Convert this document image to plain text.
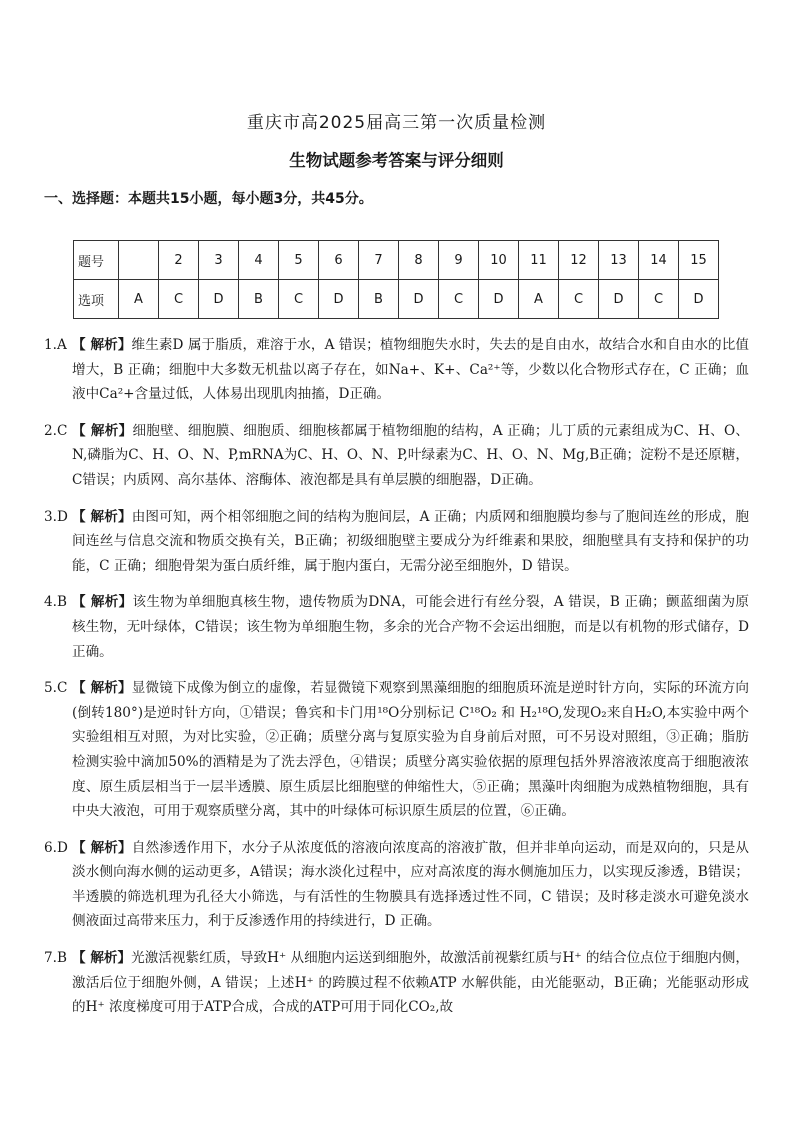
重庆市高2025届高三第一次质量检测
生物试题参考答案与评分细则
一、选择题：本题共15小题，每小题3分，共45分。
题号		2	3	4	5	6	7	8	9	10	11	12	13	14	15
选项	A	C	D	B	C	D	B	D	C	D	A	C	D	C	D
1.A 【 解析】维生素D 属于脂质，难溶于水，A 错误；植物细胞失水时，失去的是自由水，故结合水和自由水的比值增大，B 正确；细胞中大多数无机盐以离子存在，如Na+、K+、Ca²⁺等，少数以化合物形式存在，C 正确；血液中Ca²+含量过低，人体易出现肌肉抽搐，D正确。
2.C 【 解析】细胞壁、细胞膜、细胞质、细胞核都属于植物细胞的结构，A 正确；儿丁质的元素组成为C、H、O、N,磷脂为C、H、O、N、P,mRNA为C、H、O、N、P,叶绿素为C、H、O、N、Mg,B正确；淀粉不是还原糖，C错误；内质网、高尔基体、溶酶体、液泡都是具有单层膜的细胞器，D正确。
3.D 【 解析】由图可知，两个相邻细胞之间的结构为胞间层，A 正确；内质网和细胞膜均参与了胞间连丝的形成，胞间连丝与信息交流和物质交换有关，B正确；初级细胞壁主要成分为纤维素和果胶，细胞壁具有支持和保护的功能，C 正确；细胞骨架为蛋白质纤维，属于胞内蛋白，无需分泌至细胞外，D 错误。
4.B 【 解析】该生物为单细胞真核生物，遗传物质为DNA，可能会进行有丝分裂，A 错误，B 正确；颤蓝细菌为原核生物，无叶绿体，C错误；该生物为单细胞生物，多余的光合产物不会运出细胞，而是以有机物的形式储存，D 正确。
5.C 【 解析】显微镜下成像为倒立的虚像，若显微镜下观察到黑藻细胞的细胞质环流是逆时针方向，实际的环流方向(倒转180°)是逆时针方向，①错误；鲁宾和卡门用¹⁸O分别标记 C¹⁸O₂ 和 H₂¹⁸O,发现O₂来自H₂O,本实验中两个实验组相互对照，为对比实验，②正确；质壁分离与复原实验为自身前后对照，可不另设对照组，③正确；脂肪检测实验中滴加50%的酒精是为了洗去浮色，④错误；质壁分离实验依据的原理包括外界溶液浓度高于细胞液浓度、原生质层相当于一层半透膜、原生质层比细胞壁的伸缩性大，⑤正确；黑藻叶肉细胞为成熟植物细胞，具有中央大液泡，可用于观察质壁分离，其中的叶绿体可标识原生质层的位置，⑥正确。
6.D 【 解析】自然渗透作用下，水分子从浓度低的溶液向浓度高的溶液扩散，但并非单向运动，而是双向的，只是从淡水侧向海水侧的运动更多，A错误；海水淡化过程中，应对高浓度的海水侧施加压力，以实现反渗透，B错误；半透膜的筛选机理为孔径大小筛选，与有活性的生物膜具有选择透过性不同，C 错误；及时移走淡水可避免淡水侧液面过高带来压力，利于反渗透作用的持续进行，D 正确。
7.B 【 解析】光激活视紫红质，导致H⁺ 从细胞内运送到细胞外，故激活前视紫红质与H⁺ 的结合位点位于细胞内侧，激活后位于细胞外侧，A 错误；上述H⁺ 的跨膜过程不依赖ATP 水解供能，由光能驱动，B正确；光能驱动形成的H⁺ 浓度梯度可用于ATP合成，合成的ATP可用于同化CO₂,故
